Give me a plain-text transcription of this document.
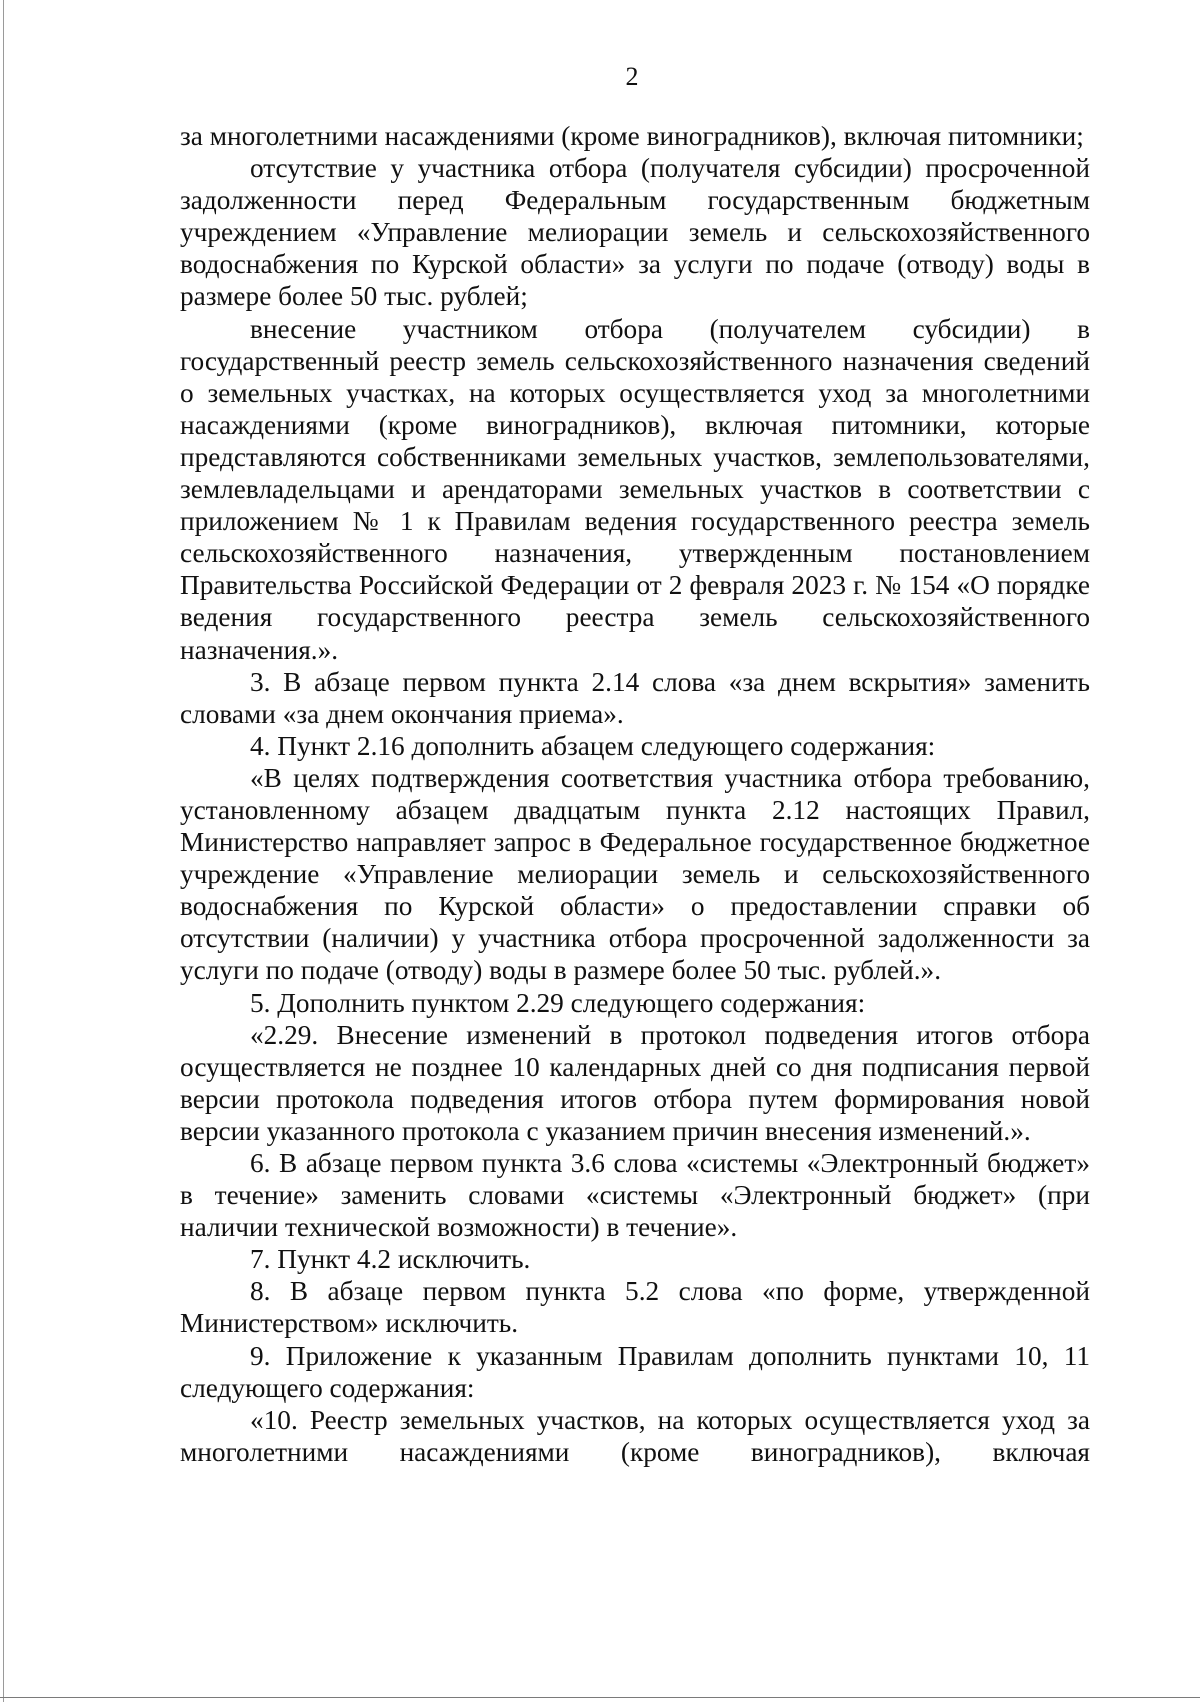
2

за многолетними насаждениями (кроме виноградников), включая питомники;

отсутствие у участника отбора (получателя субсидии) просроченной задолженности перед Федеральным государственным бюджетным учреждением «Управление мелиорации земель и сельскохозяйственного водоснабжения по Курской области» за услуги по подаче (отводу) воды в размере более 50 тыс. рублей;

внесение участником отбора (получателем субсидии) в государственный реестр земель сельскохозяйственного назначения сведений о земельных участках, на которых осуществляется уход за многолетними насаждениями (кроме виноградников), включая питомники, которые представляются собственниками земельных участков, землепользователями, землевладельцами и арендаторами земельных участков в соответствии с приложением № 1 к Правилам ведения государственного реестра земель сельскохозяйственного назначения, утвержденным постановлением Правительства Российской Федерации от 2 февраля 2023 г. № 154 «О порядке ведения государственного реестра земель сельскохозяйственного назначения.».

3. В абзаце первом пункта 2.14 слова «за днем вскрытия» заменить словами «за днем окончания приема».

4. Пункт 2.16 дополнить абзацем следующего содержания:

«В целях подтверждения соответствия участника отбора требованию, установленному абзацем двадцатым пункта 2.12 настоящих Правил, Министерство направляет запрос в Федеральное государственное бюджетное учреждение «Управление мелиорации земель и сельскохозяйственного водоснабжения по Курской области» о предоставлении справки об отсутствии (наличии) у участника отбора просроченной задолженности за услуги по подаче (отводу) воды в размере более 50 тыс. рублей.».

5. Дополнить пунктом 2.29 следующего содержания:

«2.29. Внесение изменений в протокол подведения итогов отбора осуществляется не позднее 10 календарных дней со дня подписания первой версии протокола подведения итогов отбора путем формирования новой версии указанного протокола с указанием причин внесения изменений.».

6. В абзаце первом пункта 3.6 слова «системы «Электронный бюджет» в течение» заменить словами «системы «Электронный бюджет» (при наличии технической возможности) в течение».

7. Пункт 4.2 исключить.

8. В абзаце первом пункта 5.2 слова «по форме, утвержденной Министерством» исключить.

9. Приложение к указанным Правилам дополнить пунктами 10, 11 следующего содержания:

«10. Реестр земельных участков, на которых осуществляется уход за многолетними насаждениями (кроме виноградников), включая
